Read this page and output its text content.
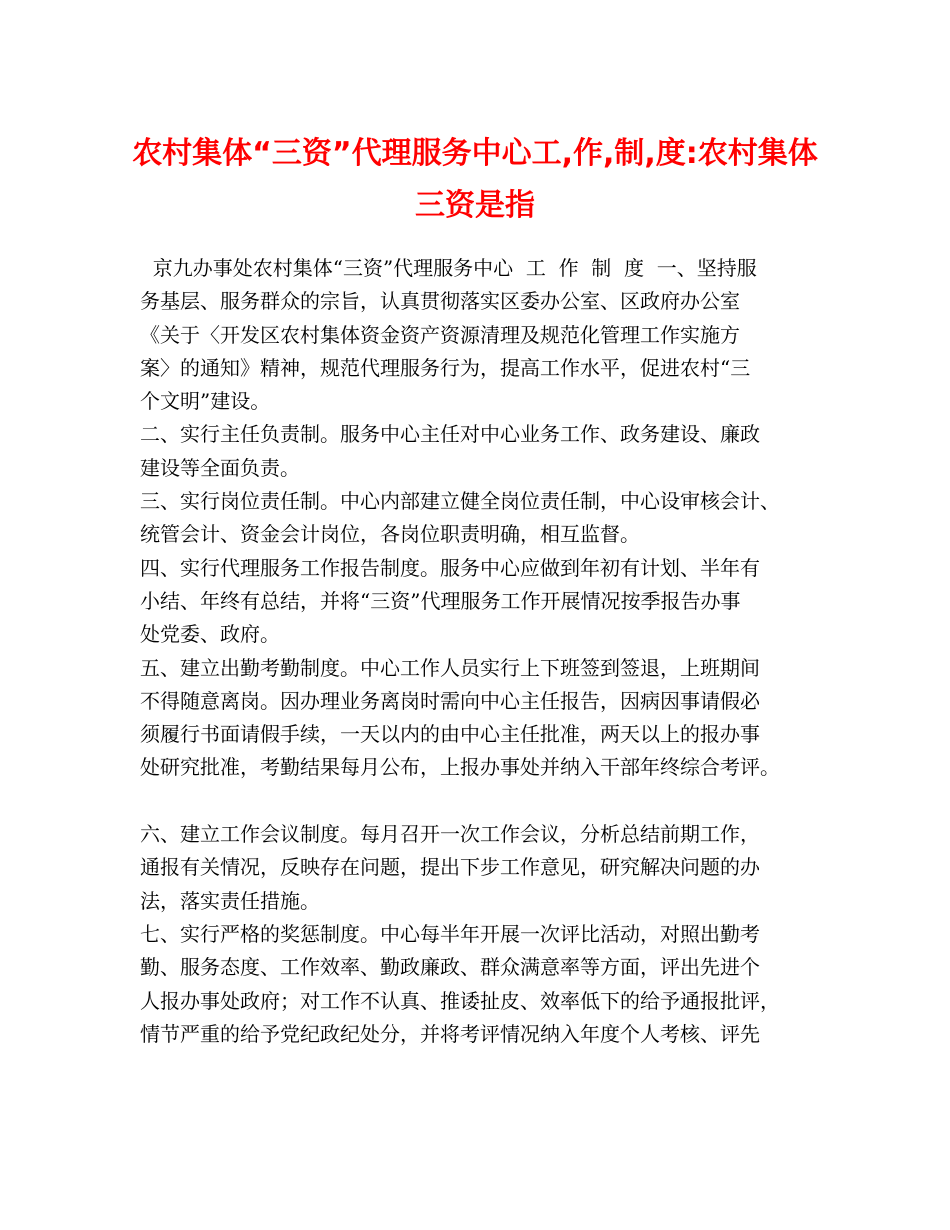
农村集体“三资”代理服务中心工,作,制,度:农村集体
三资是指
京九办事处农村集体“三资”代理服务中心  工  作  制  度  一、坚持服
务基层、服务群众的宗旨，认真贯彻落实区委办公室、区政府办公室
《关于〈开发区农村集体资金资产资源清理及规范化管理工作实施方
案〉的通知》精神，规范代理服务行为，提高工作水平，促进农村“三
个文明”建设。
二、实行主任负责制。服务中心主任对中心业务工作、政务建设、廉政
建设等全面负责。
三、实行岗位责任制。中心内部建立健全岗位责任制，中心设审核会计、
统管会计、资金会计岗位，各岗位职责明确，相互监督。
四、实行代理服务工作报告制度。服务中心应做到年初有计划、半年有
小结、年终有总结，并将“三资”代理服务工作开展情况按季报告办事
处党委、政府。
五、建立出勤考勤制度。中心工作人员实行上下班签到签退，上班期间
不得随意离岗。因办理业务离岗时需向中心主任报告，因病因事请假必
须履行书面请假手续，一天以内的由中心主任批准，两天以上的报办事
处研究批准，考勤结果每月公布，上报办事处并纳入干部年终综合考评。
六、建立工作会议制度。每月召开一次工作会议，分析总结前期工作，
通报有关情况，反映存在问题，提出下步工作意见，研究解决问题的办
法，落实责任措施。
七、实行严格的奖惩制度。中心每半年开展一次评比活动，对照出勤考
勤、服务态度、工作效率、勤政廉政、群众满意率等方面，评出先进个
人报办事处政府；对工作不认真、推诿扯皮、效率低下的给予通报批评，
情节严重的给予党纪政纪处分，并将考评情况纳入年度个人考核、评先
